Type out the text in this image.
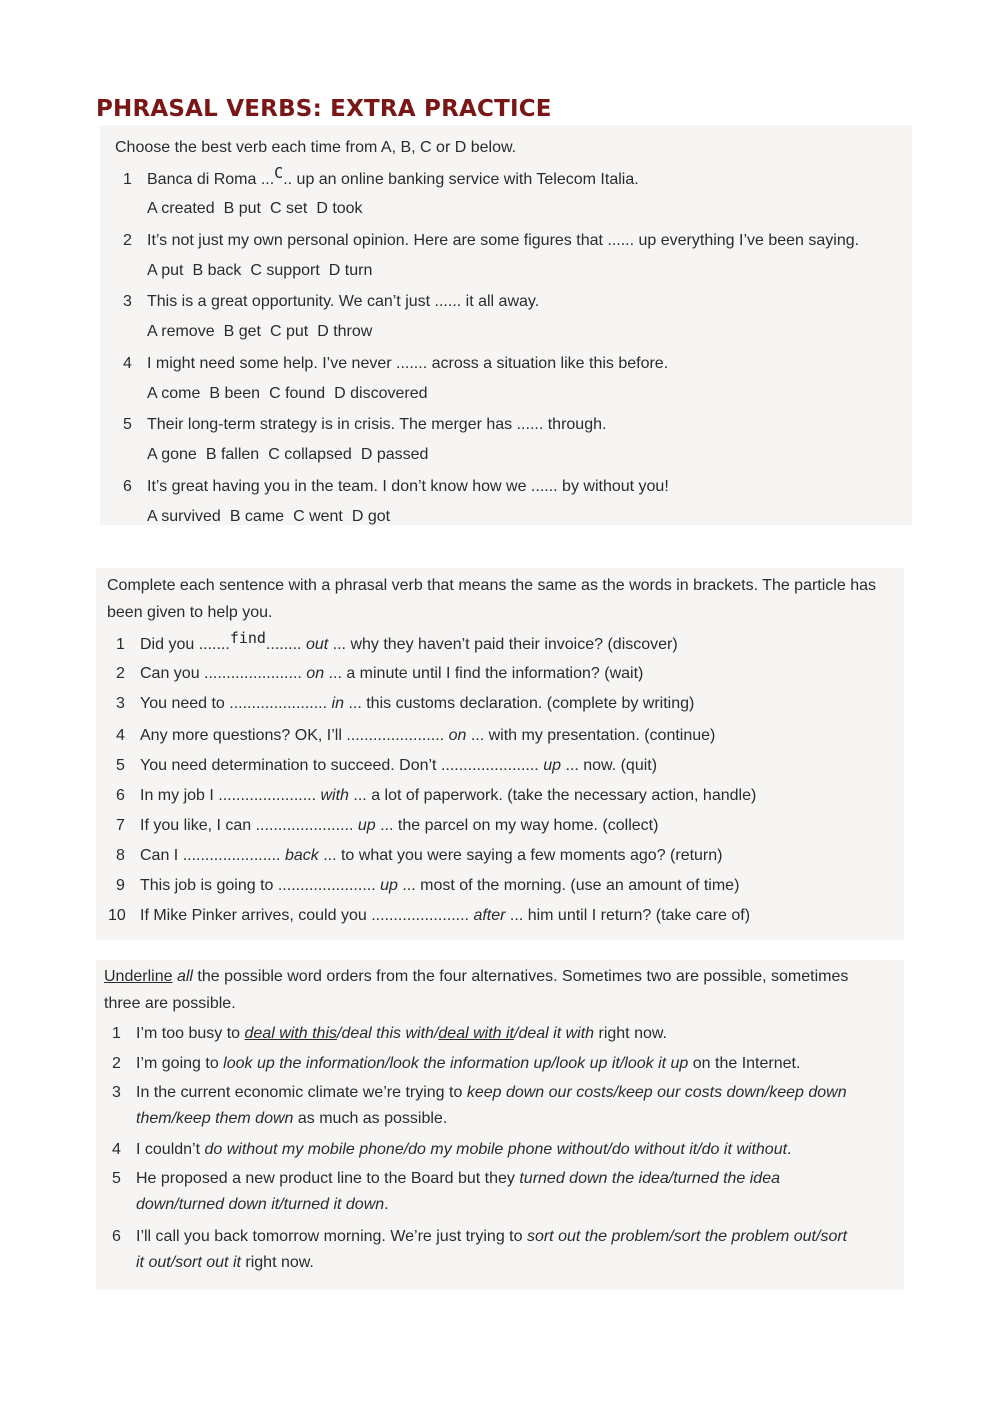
PHRASAL VERBS: EXTRA PRACTICE
Choose the best verb each time from A, B, C or D below.
1 Banca di Roma ...C.. up an online banking service with Telecom Italia.
A created B put C set D took
2 It’s not just my own personal opinion. Here are some figures that ...... up everything I’ve been saying.
A put B back C support D turn
3 This is a great opportunity. We can’t just ...... it all away.
A remove B get C put D throw
4 I might need some help. I’ve never ....... across a situation like this before.
A come B been C found D discovered
5 Their long-term strategy is in crisis. The merger has ...... through.
A gone B fallen C collapsed D passed
6 It’s great having you in the team. I don’t know how we ...... by without you!
A survived B came C went D got
Complete each sentence with a phrasal verb that means the same as the words in brackets. The particle has
been given to help you.
1 Did you .......find........ out ... why they haven’t paid their invoice? (discover)
2 Can you ...................... on ... a minute until I find the information? (wait)
3 You need to ...................... in ... this customs declaration. (complete by writing)
4 Any more questions? OK, I’ll ...................... on ... with my presentation. (continue)
5 You need determination to succeed. Don’t ...................... up ... now. (quit)
6 In my job I ...................... with ... a lot of paperwork. (take the necessary action, handle)
7 If you like, I can ...................... up ... the parcel on my way home. (collect)
8 Can I ...................... back ... to what you were saying a few moments ago? (return)
9 This job is going to ...................... up ... most of the morning. (use an amount of time)
10 If Mike Pinker arrives, could you ...................... after ... him until I return? (take care of)
Underline all the possible word orders from the four alternatives. Sometimes two are possible, sometimes
three are possible.
1 I’m too busy to deal with this/deal this with/deal with it/deal it with right now.
2 I’m going to look up the information/look the information up/look up it/look it up on the Internet.
3 In the current economic climate we’re trying to keep down our costs/keep our costs down/keep down
them/keep them down as much as possible.
4 I couldn’t do without my mobile phone/do my mobile phone without/do without it/do it without.
5 He proposed a new product line to the Board but they turned down the idea/turned the idea
down/turned down it/turned it down.
6 I’ll call you back tomorrow morning. We’re just trying to sort out the problem/sort the problem out/sort
it out/sort out it right now.
